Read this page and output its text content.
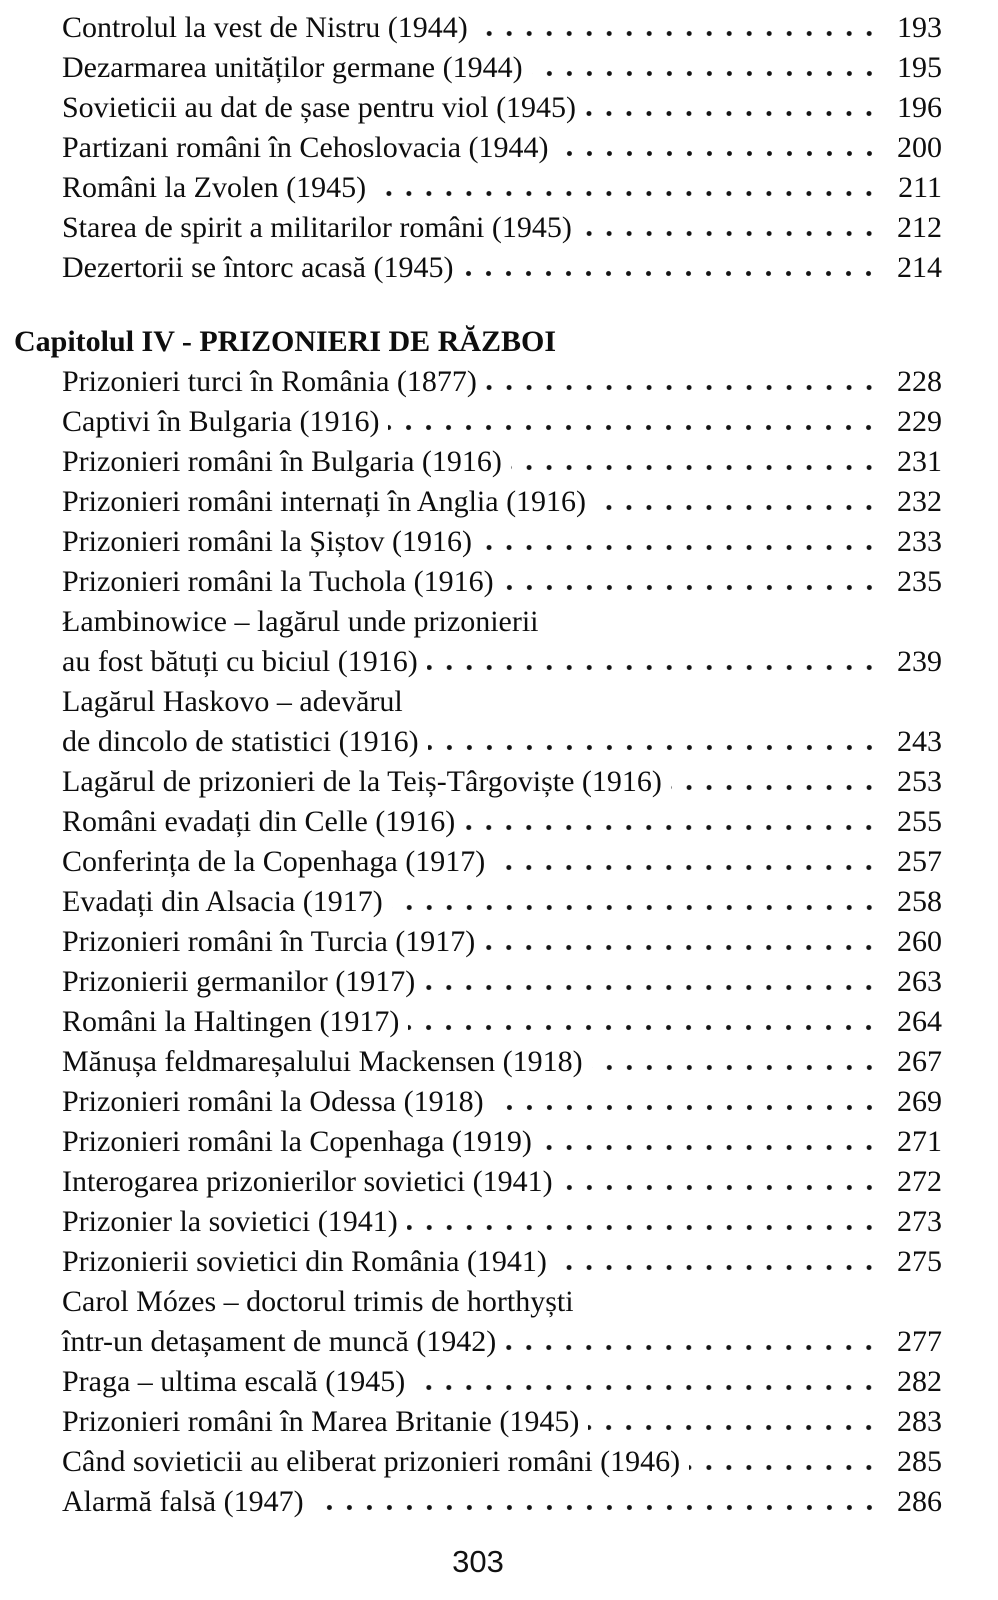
Controlul la vest de Nistru (1944)	193
Dezarmarea unităților germane (1944)	195
Sovieticii au dat de șase pentru viol (1945)	196
Partizani români în Cehoslovacia (1944)	200
Români la Zvolen (1945)	211
Starea de spirit a militarilor români (1945)	212
Dezertorii se întorc acasă (1945)	214
Capitolul IV - PRIZONIERI DE RĂZBOI
Prizonieri turci în România (1877)	228
Captivi în Bulgaria (1916)	229
Prizonieri români în Bulgaria (1916)	231
Prizonieri români internați în Anglia (1916)	232
Prizonieri români la Șiștov (1916)	233
Prizonieri români la Tuchola (1916)	235
Łambinowice – lagărul unde prizonierii
au fost bătuți cu biciul (1916)	239
Lagărul Haskovo – adevărul
de dincolo de statistici (1916)	243
Lagărul de prizonieri de la Teiș-Târgoviște (1916)	253
Români evadați din Celle (1916)	255
Conferința de la Copenhaga (1917)	257
Evadați din Alsacia (1917)	258
Prizonieri români în Turcia (1917)	260
Prizonierii germanilor (1917)	263
Români la Haltingen (1917)	264
Mănușa feldmareșalului Mackensen (1918)	267
Prizonieri români la Odessa (1918)	269
Prizonieri români la Copenhaga (1919)	271
Interogarea prizonierilor sovietici (1941)	272
Prizonier la sovietici (1941)	273
Prizonierii sovietici din România (1941)	275
Carol Mózes – doctorul trimis de horthyști
într-un detașament de muncă (1942)	277
Praga – ultima escală (1945)	282
Prizonieri români în Marea Britanie (1945)	283
Când sovieticii au eliberat prizonieri români (1946)	285
Alarmă falsă (1947)	286
303
